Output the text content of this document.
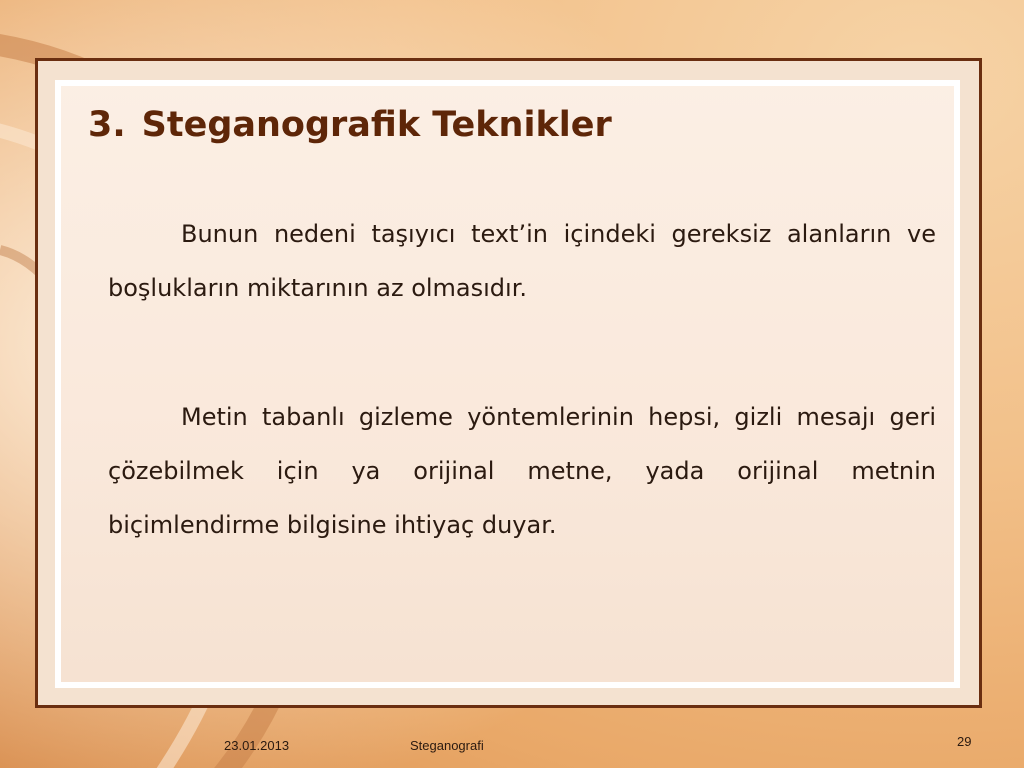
3. Steganografik Teknikler

Bunun nedeni taşıyıcı text’in içindeki gereksiz alanların ve boşlukların miktarının az olmasıdır.

Metin tabanlı gizleme yöntemlerinin hepsi, gizli mesajı geri çözebilmek için ya orijinal metne, yada orijinal metnin biçimlendirme bilgisine ihtiyaç duyar.

23.01.2013	Steganografi	29
